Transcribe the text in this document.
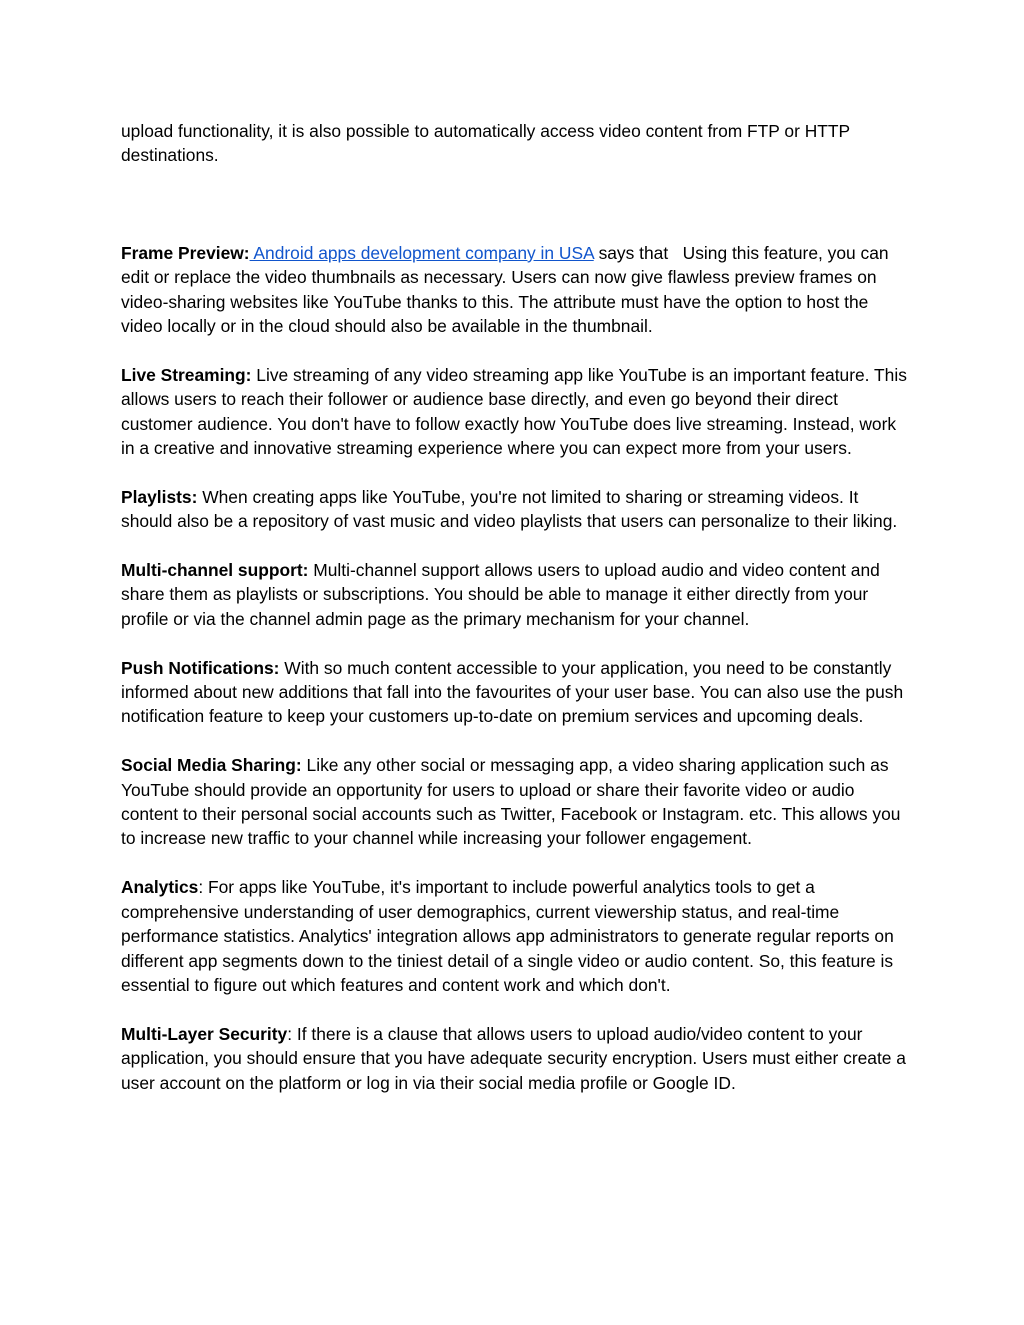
upload functionality, it is also possible to automatically access video content from FTP or HTTP destinations.

Frame Preview: Android apps development company in USA says that   Using this feature, you can edit or replace the video thumbnails as necessary. Users can now give flawless preview frames on video-sharing websites like YouTube thanks to this. The attribute must have the option to host the video locally or in the cloud should also be available in the thumbnail.

Live Streaming: Live streaming of any video streaming app like YouTube is an important feature. This allows users to reach their follower or audience base directly, and even go beyond their direct customer audience. You don't have to follow exactly how YouTube does live streaming. Instead, work in a creative and innovative streaming experience where you can expect more from your users.

Playlists: When creating apps like YouTube, you're not limited to sharing or streaming videos. It should also be a repository of vast music and video playlists that users can personalize to their liking.

Multi-channel support: Multi-channel support allows users to upload audio and video content and share them as playlists or subscriptions. You should be able to manage it either directly from your profile or via the channel admin page as the primary mechanism for your channel.

Push Notifications: With so much content accessible to your application, you need to be constantly informed about new additions that fall into the favourites of your user base. You can also use the push notification feature to keep your customers up-to-date on premium services and upcoming deals.

Social Media Sharing: Like any other social or messaging app, a video sharing application such as YouTube should provide an opportunity for users to upload or share their favorite video or audio content to their personal social accounts such as Twitter, Facebook or Instagram. etc. This allows you to increase new traffic to your channel while increasing your follower engagement.

Analytics: For apps like YouTube, it's important to include powerful analytics tools to get a comprehensive understanding of user demographics, current viewership status, and real-time performance statistics. Analytics' integration allows app administrators to generate regular reports on different app segments down to the tiniest detail of a single video or audio content. So, this feature is essential to figure out which features and content work and which don't.

Multi-Layer Security: If there is a clause that allows users to upload audio/video content to your application, you should ensure that you have adequate security encryption. Users must either create a user account on the platform or log in via their social media profile or Google ID.
